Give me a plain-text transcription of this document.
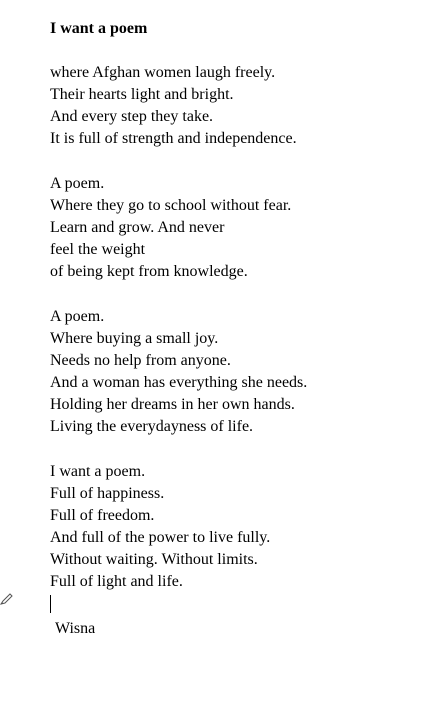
I want a poem
where Afghan women laugh freely.
Their hearts light and bright.
And every step they take.
It is full of strength and independence.
A poem.
Where they go to school without fear.
Learn and grow. And never
feel the weight
of being kept from knowledge.
A poem.
Where buying a small joy.
Needs no help from anyone.
And a woman has everything she needs.
Holding her dreams in her own hands.
Living the everydayness of life.
I want a poem.
Full of happiness.
Full of freedom.
And full of the power to live fully.
Without waiting. Without limits.
Full of light and life.
Wisna
